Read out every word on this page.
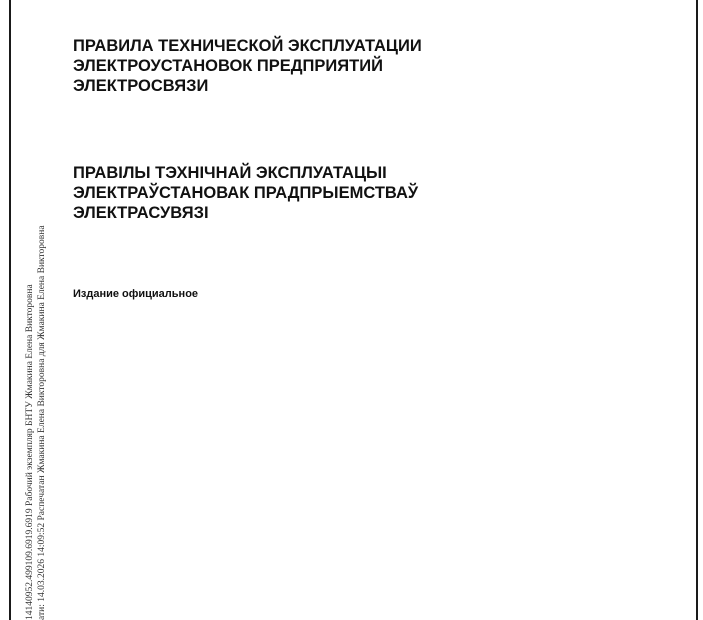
ПРАВИЛА ТЕХНИЧЕСКОЙ ЭКСПЛУАТАЦИИ
ЭЛЕКТРОУСТАНОВОК ПРЕДПРИЯТИЙ
ЭЛЕКТРОСВЯЗИ
ПРАВІЛЫ ТЭХНІЧНАЙ ЭКСПЛУАТАЦЫІ
ЭЛЕКТРАЎСТАНОВАК ПРАДПРЫЕМСТВАЎ
ЭЛЕКТРАСУВЯЗІ
Издание официальное
14140952.499109.6919.6919 Рабочий экземпляр БНТУ Жмакина Елена Викторовна ати: 14.03.2026 14:09:52 Распечатан Жмакина Елена Викторовна для Жмакина Елена Викторовна
